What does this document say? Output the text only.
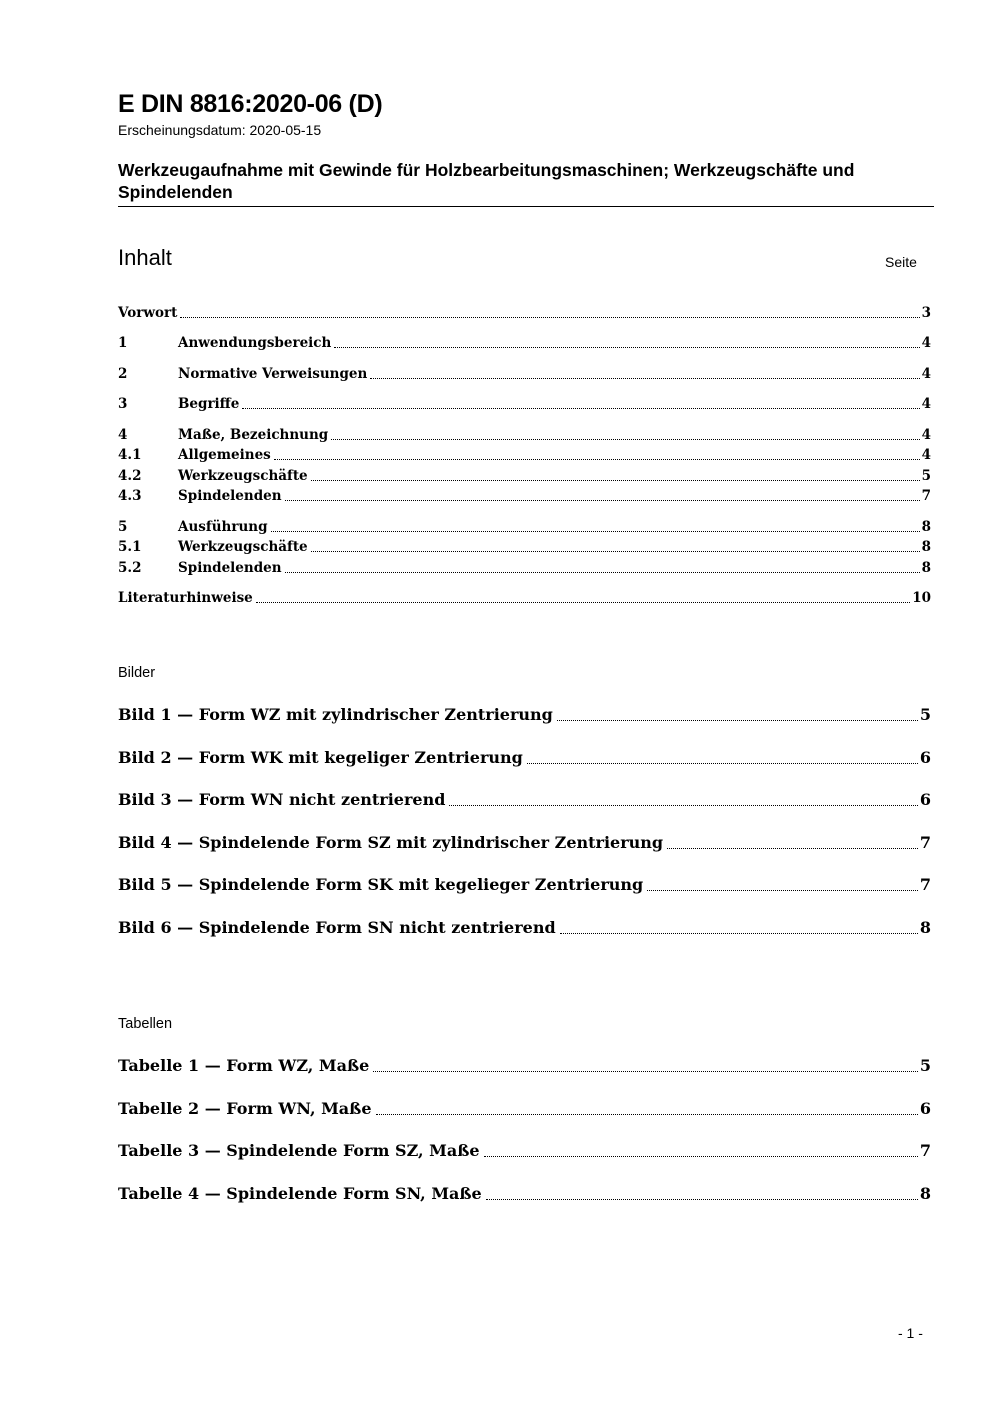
E DIN 8816:2020-06 (D)
Erscheinungsdatum: 2020-05-15
Werkzeugaufnahme mit Gewinde für Holzbearbeitungsmaschinen; Werkzeugschäfte und Spindelenden
Inhalt	Seite
Vorwort	3
1	Anwendungsbereich	4
2	Normative Verweisungen	4
3	Begriffe	4
4	Maße, Bezeichnung	4
4.1	Allgemeines	4
4.2	Werkzeugschäfte	5
4.3	Spindelenden	7
5	Ausführung	8
5.1	Werkzeugschäfte	8
5.2	Spindelenden	8
Literaturhinweise	10
Bilder
Bild 1 — Form WZ mit zylindrischer Zentrierung	5
Bild 2 — Form WK mit kegeliger Zentrierung	6
Bild 3 — Form WN nicht zentrierend	6
Bild 4 — Spindelende Form SZ mit zylindrischer Zentrierung	7
Bild 5 — Spindelende Form SK mit kegelieger Zentrierung	7
Bild 6 — Spindelende Form SN nicht zentrierend	8
Tabellen
Tabelle 1 — Form WZ, Maße	5
Tabelle 2 — Form WN, Maße	6
Tabelle 3 — Spindelende Form SZ, Maße	7
Tabelle 4 — Spindelende Form SN, Maße	8
- 1 -
